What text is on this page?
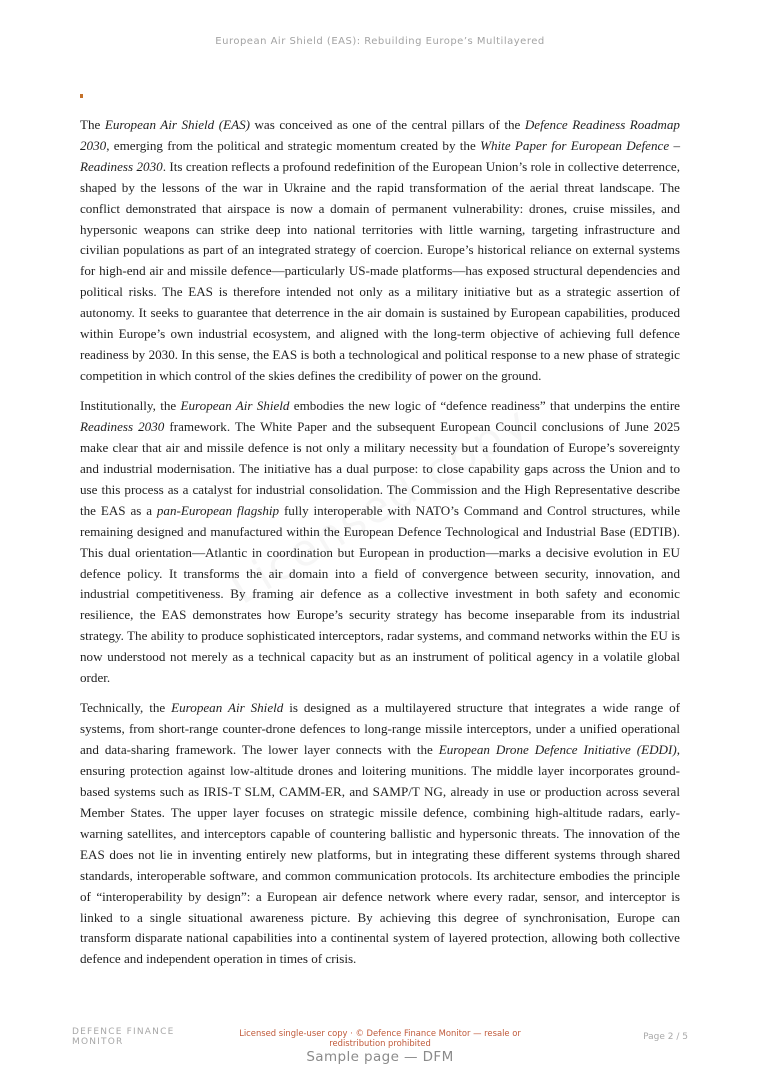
European Air Shield (EAS): Rebuilding Europe’s Multilayered

The European Air Shield (EAS) was conceived as one of the central pillars of the Defence Readiness Roadmap 2030, emerging from the political and strategic momentum created by the White Paper for European Defence – Readiness 2030. Its creation reflects a profound redefinition of the European Union’s role in collective deterrence, shaped by the lessons of the war in Ukraine and the rapid transformation of the aerial threat landscape. The conflict demonstrated that airspace is now a domain of permanent vulnerability: drones, cruise missiles, and hypersonic weapons can strike deep into national territories with little warning, targeting infrastructure and civilian populations as part of an integrated strategy of coercion. Europe’s historical reliance on external systems for high-end air and missile defence—particularly US-made platforms—has exposed structural dependencies and political risks. The EAS is therefore intended not only as a military initiative but as a strategic assertion of autonomy. It seeks to guarantee that deterrence in the air domain is sustained by European capabilities, produced within Europe’s own industrial ecosystem, and aligned with the long-term objective of achieving full defence readiness by 2030. In this sense, the EAS is both a technological and political response to a new phase of strategic competition in which control of the skies defines the credibility of power on the ground.

Institutionally, the European Air Shield embodies the new logic of “defence readiness” that underpins the entire Readiness 2030 framework. The White Paper and the subsequent European Council conclusions of June 2025 make clear that air and missile defence is not only a military necessity but a foundation of Europe’s sovereignty and industrial modernisation. The initiative has a dual purpose: to close capability gaps across the Union and to use this process as a catalyst for industrial consolidation. The Commission and the High Representative describe the EAS as a pan-European flagship fully interoperable with NATO’s Command and Control structures, while remaining designed and manufactured within the European Defence Technological and Industrial Base (EDTIB). This dual orientation—Atlantic in coordination but European in production—marks a decisive evolution in EU defence policy. It transforms the air domain into a field of convergence between security, innovation, and industrial competitiveness. By framing air defence as a collective investment in both safety and economic resilience, the EAS demonstrates how Europe’s security strategy has become inseparable from its industrial strategy. The ability to produce sophisticated interceptors, radar systems, and command networks within the EU is now understood not merely as a technical capacity but as an instrument of political agency in a volatile global order.

Technically, the European Air Shield is designed as a multilayered structure that integrates a wide range of systems, from short-range counter-drone defences to long-range missile interceptors, under a unified operational and data-sharing framework. The lower layer connects with the European Drone Defence Initiative (EDDI), ensuring protection against low-altitude drones and loitering munitions. The middle layer incorporates ground-based systems such as IRIS-T SLM, CAMM-ER, and SAMP/T NG, already in use or production across several Member States. The upper layer focuses on strategic missile defence, combining high-altitude radars, early-warning satellites, and interceptors capable of countering ballistic and hypersonic threats. The innovation of the EAS does not lie in inventing entirely new platforms, but in integrating these different systems through shared standards, interoperable software, and common communication protocols. Its architecture embodies the principle of “interoperability by design”: a European air defence network where every radar, sensor, and interceptor is linked to a single situational awareness picture. By achieving this degree of synchronisation, Europe can transform disparate national capabilities into a continental system of layered protection, allowing both collective defence and independent operation in times of crisis.

DEFENCE FINANCE MONITOR
Licensed single-user copy · © Defence Finance Monitor — resale or redistribution prohibited
Page 2 / 5
Sample page — DFM
